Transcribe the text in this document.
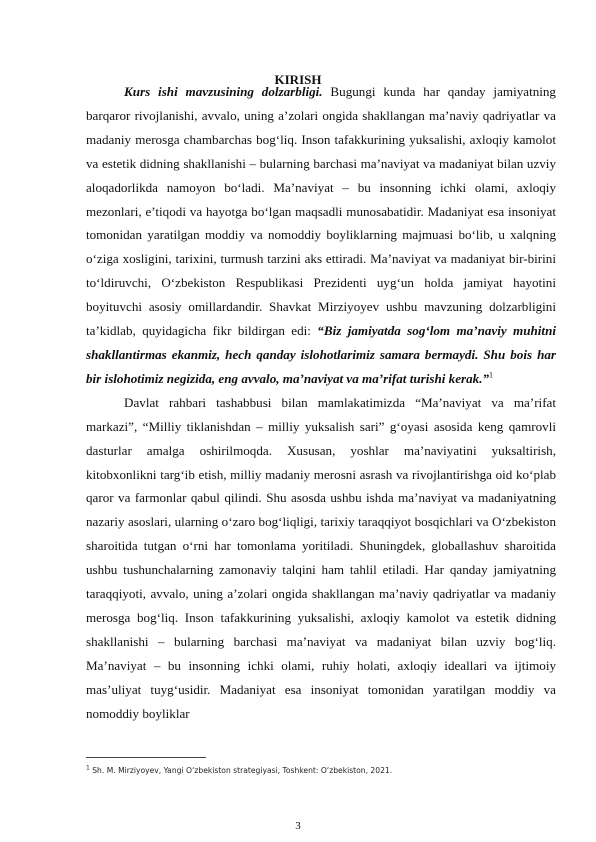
KIRISH

Kurs ishi mavzusining dolzarbligi. Bugungi kunda har qanday jamiyatning barqaror rivojlanishi, avvalo, uning a’zolari ongida shakllangan ma’naviy qadriyatlar va madaniy merosga chambarchas bog‘liq. Inson tafakkurining yuksalishi, axloqiy kamolot va estetik didning shakllanishi – bularning barchasi ma’naviyat va madaniyat bilan uzviy aloqadorlikda namoyon bo‘ladi. Ma’naviyat – bu insonning ichki olami, axloqiy mezonlari, e’tiqodi va hayotga bo‘lgan maqsadli munosabatidir. Madaniyat esa insoniyat tomonidan yaratilgan moddiy va nomoddiy boyliklarning majmuasi bo‘lib, u xalqning o‘ziga xosligini, tarixini, turmush tarzini aks ettiradi. Ma’naviyat va madaniyat bir-birini to‘ldiruvchi, O‘zbekiston Respublikasi Prezidenti uyg‘un holda jamiyat hayotini boyituvchi asosiy omillardandir. Shavkat Mirziyoyev ushbu mavzuning dolzarbligini ta’kidlab, quyidagicha fikr bildirgan edi: “Biz jamiyatda sog‘lom ma’naviy muhitni shakllantirmas ekanmiz, hech qanday islohotlarimiz samara bermaydi. Shu bois har bir islohotimiz negizida, eng avvalo, ma’naviyat va ma’rifat turishi kerak.”$^1$

Davlat rahbari tashabbusi bilan mamlakatimizda “Ma’naviyat va ma’rifat markazi”, “Milliy tiklanishdan – milliy yuksalish sari” g‘oyasi asosida keng qamrovli dasturlar amalga oshirilmoqda. Xususan, yoshlar ma’naviyatini yuksaltirish, kitobxonlikni targ‘ib etish, milliy madaniy merosni asrash va rivojlantirishga oid ko‘plab qaror va farmonlar qabul qilindi. Shu asosda ushbu ishda ma’naviyat va madaniyatning nazariy asoslari, ularning o‘zaro bog‘liqligi, tarixiy taraqqiyot bosqichlari va O‘zbekiston sharoitida tutgan o‘rni har tomonlama yoritiladi. Shuningdek, globallashuv sharoitida ushbu tushunchalarning zamonaviy talqini ham tahlil etiladi. Har qanday jamiyatning taraqqiyoti, avvalo, uning a’zolari ongida shakllangan ma’naviy qadriyatlar va madaniy merosga bog‘liq. Inson tafakkurining yuksalishi, axloqiy kamolot va estetik didning shakllanishi – bularning barchasi ma’naviyat va madaniyat bilan uzviy bog‘liq. Ma’naviyat – bu insonning ichki olami, ruhiy holati, axloqiy ideallari va ijtimoiy mas’uliyat tuyg‘usidir. Madaniyat esa insoniyat tomonidan yaratilgan moddiy va nomoddiy boyliklar

$^1$ Sh. M. Mirziyoyev, Yangi O‘zbekiston strategiyasi, Toshkent: O‘zbekiston, 2021.
3
